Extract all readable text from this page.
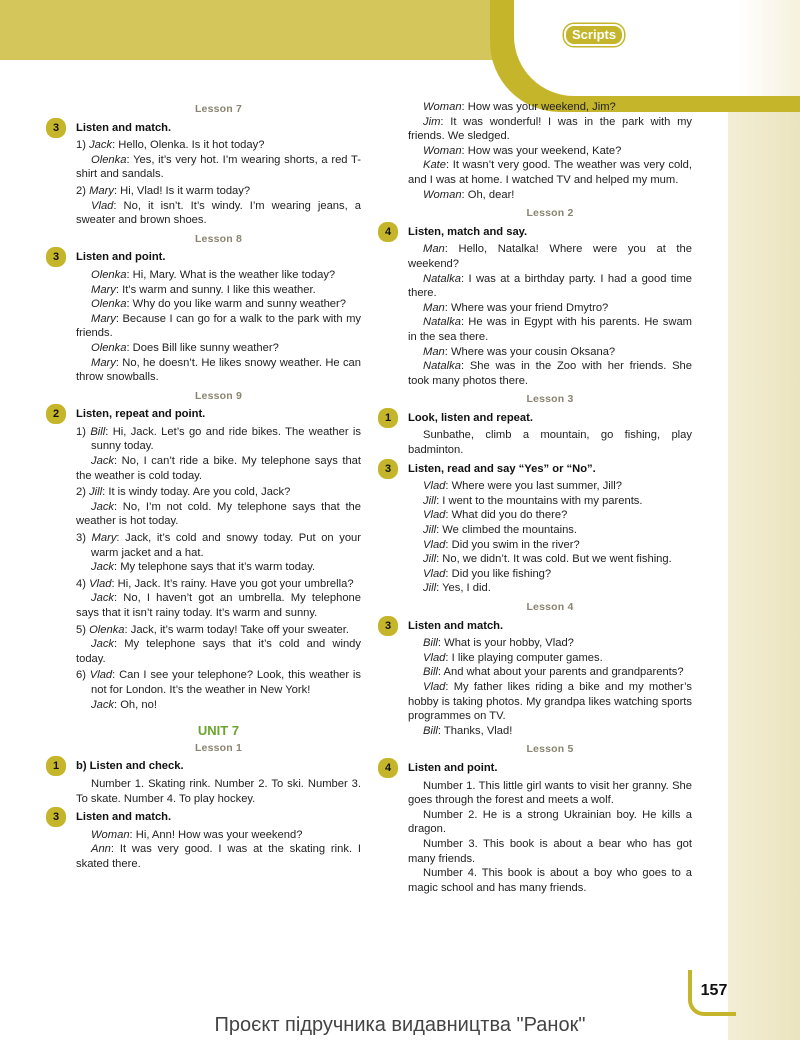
Scripts
Lesson 7
3	Listen and match.
1) Jack: Hello, Olenka. Is it hot today?
Olenka: Yes, it’s very hot. I’m wearing shorts, a red T-shirt and sandals.
2) Mary: Hi, Vlad! Is it warm today?
Vlad: No, it isn’t. It’s windy. I’m wearing jeans, a sweater and brown shoes.
Lesson 8
3	Listen and point.
Olenka: Hi, Mary. What is the weather like today?
Mary: It’s warm and sunny. I like this weather.
Olenka: Why do you like warm and sunny weather?
Mary: Because I can go for a walk to the park with my friends.
Olenka: Does Bill like sunny weather?
Mary: No, he doesn’t. He likes snowy weather. He can throw snowballs.
Lesson 9
2	Listen, repeat and point.
1) Bill: Hi, Jack. Let’s go and ride bikes. The weather is sunny today.
Jack: No, I can’t ride a bike. My telephone says that the weather is cold today.
2) Jill: It is windy today. Are you cold, Jack?
Jack: No, I’m not cold. My telephone says that the weather is hot today.
3) Mary: Jack, it’s cold and snowy today. Put on your warm jacket and a hat.
Jack: My telephone says that it’s warm today.
4) Vlad: Hi, Jack. It’s rainy. Have you got your umbrella?
Jack: No, I haven’t got an umbrella. My telephone says that it isn’t rainy today. It’s warm and sunny.
5) Olenka: Jack, it’s warm today! Take off your sweater.
Jack: My telephone says that it’s cold and windy today.
6) Vlad: Can I see your telephone? Look, this weather is not for London. It’s the weather in New York!
Jack: Oh, no!
UNIT 7
Lesson 1
1	b) Listen and check.
Number 1. Skating rink. Number 2. To ski. Number 3. To skate. Number 4. To play hockey.
3	Listen and match.
Woman: Hi, Ann! How was your weekend?
Ann: It was very good. I was at the skating rink. I skated there.
Woman: How was your weekend, Jim?
Jim: It was wonderful! I was in the park with my friends. We sledged.
Woman: How was your weekend, Kate?
Kate: It wasn’t very good. The weather was very cold, and I was at home. I watched TV and helped my mum.
Woman: Oh, dear!
Lesson 2
4	Listen, match and say.
Man: Hello, Natalka! Where were you at the weekend?
Natalka: I was at a birthday party. I had a good time there.
Man: Where was your friend Dmytro?
Natalka: He was in Egypt with his parents. He swam in the sea there.
Man: Where was your cousin Oksana?
Natalka: She was in the Zoo with her friends. She took many photos there.
Lesson 3
1	Look, listen and repeat.
Sunbathe, climb a mountain, go fishing, play badminton.
3	Listen, read and say “Yes” or “No”.
Vlad: Where were you last summer, Jill?
Jill: I went to the mountains with my parents.
Vlad: What did you do there?
Jill: We climbed the mountains.
Vlad: Did you swim in the river?
Jill: No, we didn’t. It was cold. But we went fishing.
Vlad: Did you like fishing?
Jill: Yes, I did.
Lesson 4
3	Listen and match.
Bill: What is your hobby, Vlad?
Vlad: I like playing computer games.
Bill: And what about your parents and grandparents?
Vlad: My father likes riding a bike and my mother’s hobby is taking photos. My grandpa likes watching sports programmes on TV.
Bill: Thanks, Vlad!
Lesson 5
4	Listen and point.
Number 1. This little girl wants to visit her granny. She goes through the forest and meets a wolf.
Number 2. He is a strong Ukrainian boy. He kills a dragon.
Number 3. This book is about a bear who has got many friends.
Number 4. This book is about a boy who goes to a magic school and has many friends.
157
Проєкт підручника видавництва "Ранок"
